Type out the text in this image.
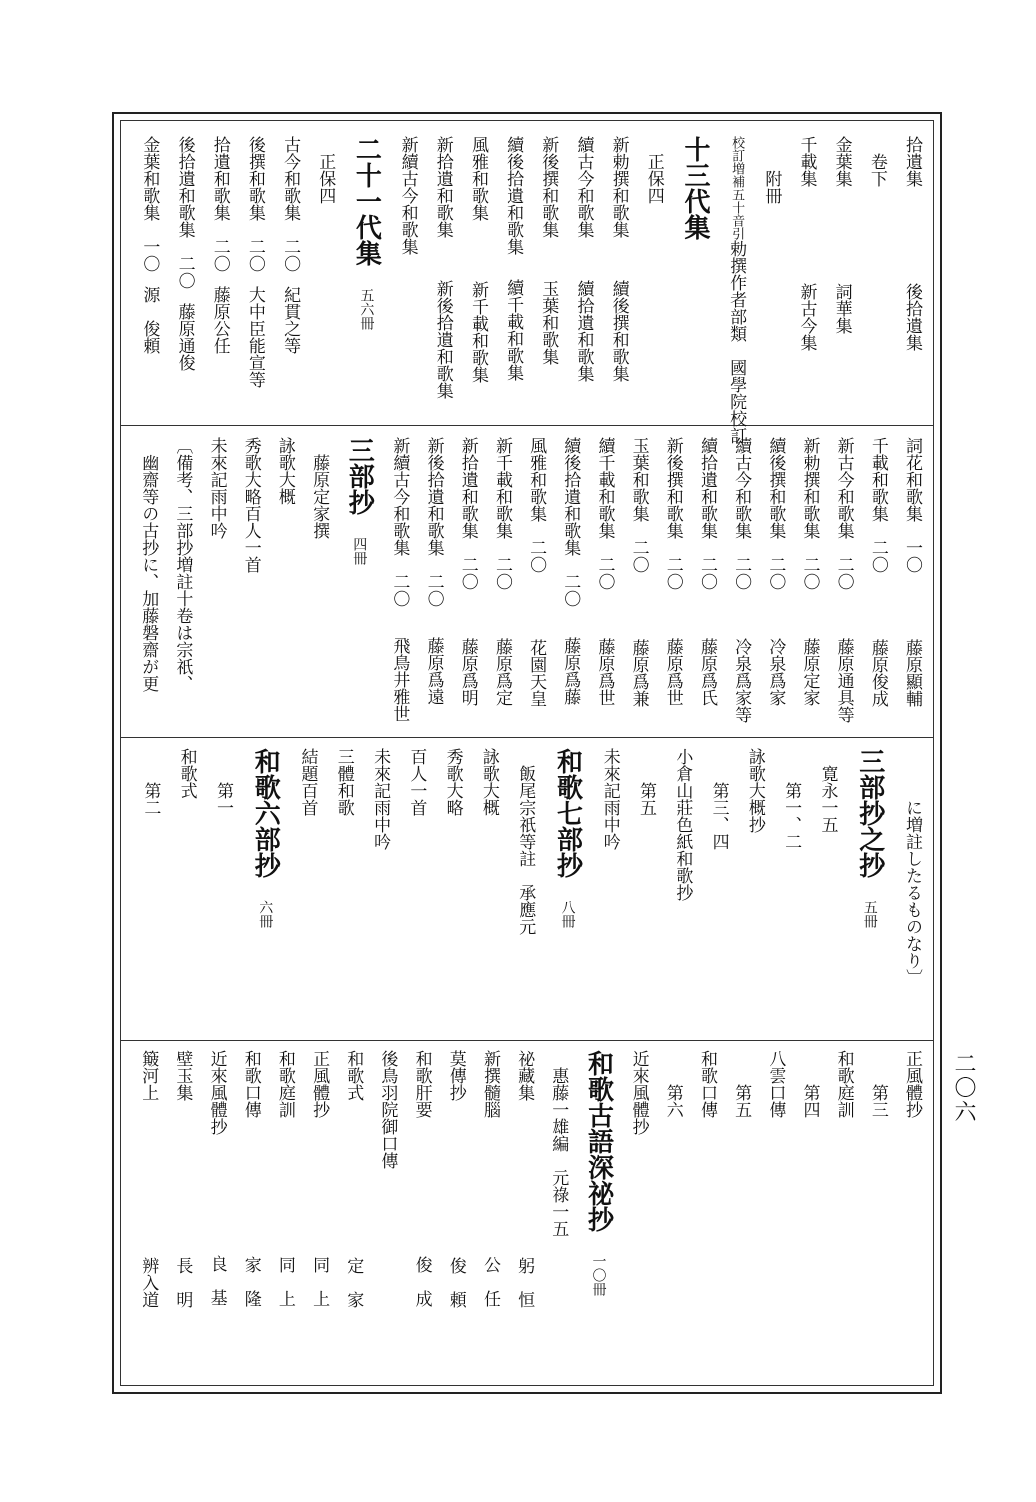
二〇六
拾遺集後拾遺集
　卷下
金葉集詞華集
千載集新古今集
　　附冊
校訂増補五十音引勅撰作者部類　國學院校訂
十三代集
　正保四
新勅撰和歌集續後撰和歌集
續古今和歌集續拾遺和歌集
新後撰和歌集玉葉和歌集
續後拾遺和歌集續千載和歌集
風雅和歌集新千載和歌集
新拾遺和歌集新後拾遺和歌集
新續古今和歌集
二十一代集五六冊
　正保四
古今和歌集　二〇紀貫之等
後撰和歌集　二〇大中臣能宣等
拾遺和歌集　二〇藤原公任
後拾遺和歌集　二〇藤原通俊
金葉和歌集　一〇源　俊頼
詞花和歌集　一〇藤原顯輔
千載和歌集　二〇藤原俊成
新古今和歌集　二〇藤原通具等
新勅撰和歌集　二〇藤原定家
續後撰和歌集　二〇冷泉爲家
續古今和歌集　二〇冷泉爲家等
續拾遺和歌集　二〇藤原爲氏
新後撰和歌集　二〇藤原爲世
玉葉和歌集　二〇藤原爲兼
續千載和歌集　二〇藤原爲世
續後拾遺和歌集　二〇藤原爲藤
風雅和歌集　二〇花園天皇
新千載和歌集　二〇藤原爲定
新拾遺和歌集　二〇藤原爲明
新後拾遺和歌集　二〇藤原爲遠
新續古今和歌集　二〇飛鳥井雅世
三部抄四冊
　藤原定家撰
詠歌大概
秀歌大略百人一首
未來記雨中吟
〔備考、三部抄増註十卷は宗祇、
　幽齋等の古抄に、加藤磐齋が更
　　　に増註したるものなり〕
三部抄之抄五冊
　寛永一五
　　第一、二
詠歌大概抄
　　第三、四
小倉山莊色紙和歌抄
　　第五
未來記雨中吟
和歌七部抄八冊
　飯尾宗祇等註　承應元
詠歌大概
秀歌大略
百人一首
未來記雨中吟
三體和歌
結題百首
和歌六部抄六冊
　　第一
和歌式
　　第二
正風體抄
　　第三
和歌庭訓
　　第四
八雲口傳
　　第五
和歌口傳
　　第六
近來風體抄
和歌古語深祕抄一〇冊
　惠藤一雄編　元祿一五
祕藏集躬　恒
新撰髓腦公　任
莫傳抄俊　頼
和歌肝要俊　成
後鳥羽院御口傳
和歌式定　家
正風體抄同　上
和歌庭訓同　上
和歌口傳家　隆
近來風體抄良　基
壁玉集長　明
簸河上辨入道
